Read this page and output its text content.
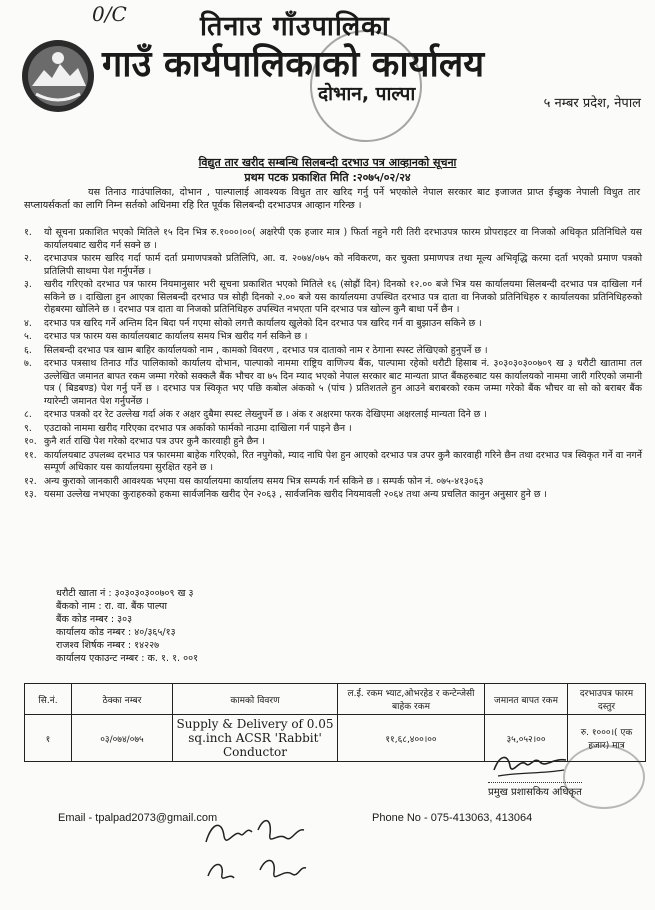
0/C	तिनाउ गाँउपालिका
गाउँ कार्यपालिकाको कार्यालय
दोभान, पाल्पा	५ नम्बर प्रदेश, नेपाल
विद्युत तार खरीद सम्बन्धि सिलबन्दी दरभाउ पत्र आव्हानको सूचना
प्रथम पटक प्रकाशित मिति :२०७५/०२/२४

यस तिनाउ गाउंपालिका, दोभान , पाल्पालाई आवश्यक विधुत तार खरिद गर्नु पर्ने भएकोले नेपाल सरकार बाट इजाजत प्राप्त ईच्छुक नेपाली विधुत तार सप्लायर्सकर्ता का लागि निम्न सर्तको अधिनमा रहि रित पूर्वक सिलबन्दी दरभाउपत्र आव्हान गरिन्छ ।

१.	यो सूचना प्रकाशित भएको मितिले १५ दिन भित्र रु.१०००।००( अक्षरेपी एक हजार मात्र ) फिर्ता नहुने गरी तिरी दरभाउपत्र फारम प्रोपराइटर वा निजको अधिकृत प्रतिनिधिले यस कार्यालयबाट खरीद गर्न सक्ने छ ।
२.	दरभाउपत्र फारम खरिद गर्दा फार्म दर्ता प्रमाणपत्रको प्रतिलिपि, आ. व. २०७४/०७५ को नविकरण, कर चुक्ता प्रमाणपत्र तथा मूल्य अभिवृद्धि करमा दर्ता भएको प्रमाण पत्रको प्रतिलिपी साथमा पेश गर्नुपर्नेछ ।
३.	खरीद गरिएको दरभाउ पत्र फारम नियमानुसार भरी सूचना प्रकाशित भएको मितिले १६ (सोह्रौं दिन) दिनको १२.०० बजे भित्र यस कार्यालयमा सिलबन्दी दरभाउ पत्र दाखिला गर्न सकिने छ । दाखिला हुन आएका सिलबन्दी दरभाउ पत्र सोही दिनको २.०० बजे यस कार्यालयमा उपस्थित दरभाउ पत्र दाता वा निजको प्रतिनिधिहरु र कार्यालयका प्रतिनिधिहरुको रोहबरमा खोलिने छ । दरभाउ पत्र दाता वा निजको प्रतिनिधिहरु उपस्थित नभएता पनि दरभाउ पत्र खोल्न कुनै बाधा पर्ने छैन ।
४.	दरभाउ पत्र खरिद गर्ने अन्तिम दिन बिदा पर्न गएमा सोको लगत्तै कार्यालय खुलेको दिन दरभाउ पत्र खरिद गर्न वा बुझाउन सकिने छ ।
५.	दरभाउ पत्र फारम यस कार्यालयबाट कार्यालय समय भित्र खरीद गर्न सकिने छ ।
६.	सिलबन्दी दरभाउ पत्र खाम बाहिर कार्यालयको नाम , कामको विवरण , दरभाउ पत्र दाताको नाम र ठेगाना स्पस्ट लेखिएको हुनुपर्ने छ ।
७.	दरभाउ पत्रसाथ तिनाउ गाँउ पालिकाको कार्यालय दोभान, पाल्पाको नाममा राष्ट्रिय वाणिज्य बैंक, पाल्पामा रहेको धरौटी हिसाब नं. ३०३०३०३००७०९ ख ३ धरौटी खातामा तल उल्लेखित जमानत बापत रकम जम्मा गरेको सक्कलै बैंक भौचर वा ७५ दिन म्याद भएको नेपाल सरकार बाट मान्यता प्राप्त बैंकहरुबाट यस कार्यालयको नाममा जारी गरिएको जमानी पत्र ( बिडबण्ड) पेश गर्नु पर्ने छ । दरभाउ पत्र स्विकृत भए पछि कबोल अंकको ५ (पांच ) प्रतिशतले हुन आउने बराबरको रकम जम्मा गरेको बैंक भौचर वा सो को बराबर बैंक ग्यारेन्टी जमानत पेश गर्नुपर्नेछ ।
८.	दरभाउ पत्रको दर रेट उल्लेख गर्दा अंक र अक्षर दुबैमा स्पस्ट लेख्नुपर्ने छ । अंक र अक्षरमा फरक देखिएमा अक्षरलाई मान्यता दिने छ ।
९.	एउटाको नाममा खरीद गरिएका दरभाउ पत्र अर्काको फार्मको नाउमा दाखिला गर्न पाइने छैन ।
१०. कुनै शर्त राखि पेश गरेको दरभाउ पत्र उपर कुनै कारवाही हुने छैन ।
११. कार्यालयबाट उपलब्ध दरभाउ पत्र फारममा बाहेक गरिएको, रित नपुगेको, म्याद नाघि पेश हुन आएको दरभाउ पत्र उपर कुनै कारवाही गरिने छैन तथा दरभाउ पत्र स्विकृत गर्ने वा नगर्ने सम्पूर्ण अधिकार यस कार्यालयमा सुरक्षित रहने छ ।
१२. अन्य कुराको जानकारी आवश्यक भएमा यस कार्यालयमा कार्यालय समय भित्र सम्पर्क गर्न सकिने छ । सम्पर्क फोन नं. ०७५-४१३०६३
१३. यसमा उल्लेख नभएका कुराहरुको हकमा सार्वजनिक खरीद ऐन २०६३ , सार्वजनिक खरीद नियमावली २०६४ तथा अन्य प्रचलित कानुन अनुसार हुने छ ।
धरौटी खाता नं : ३०३०३०३००७०९ ख ३
बैंकको नाम : रा. वा. बैंक पाल्पा
बैंक कोड नम्बर : ३०३
कार्यालय कोड नम्बर : ४०/३६५/१३
राजश्व शिर्षक नम्बर : १४२२७
कार्यालय एकाउन्ट नम्बर : क. १. १. ००१
सि.नं.	ठेक्का नम्बर	कामको विवरण	ल.ई. रकम भ्याट,ओभरहेड र कन्टेन्जेसी बाहेक रकम	जमानत बापत रकम	दरभाउपत्र फारम दस्तुर
१	०३/०७४/०७५	Supply & Delivery of 0.05 sq.inch ACSR 'Rabbit' Conductor	११,६८,४००।००	३५,०५२।००	रु. १०००।( एक हजार) मात्र
प्रमुख प्रशासकिय अधिकृत
Email - tpalpad2073@gmail.com	Phone No - 075-413063, 413064
